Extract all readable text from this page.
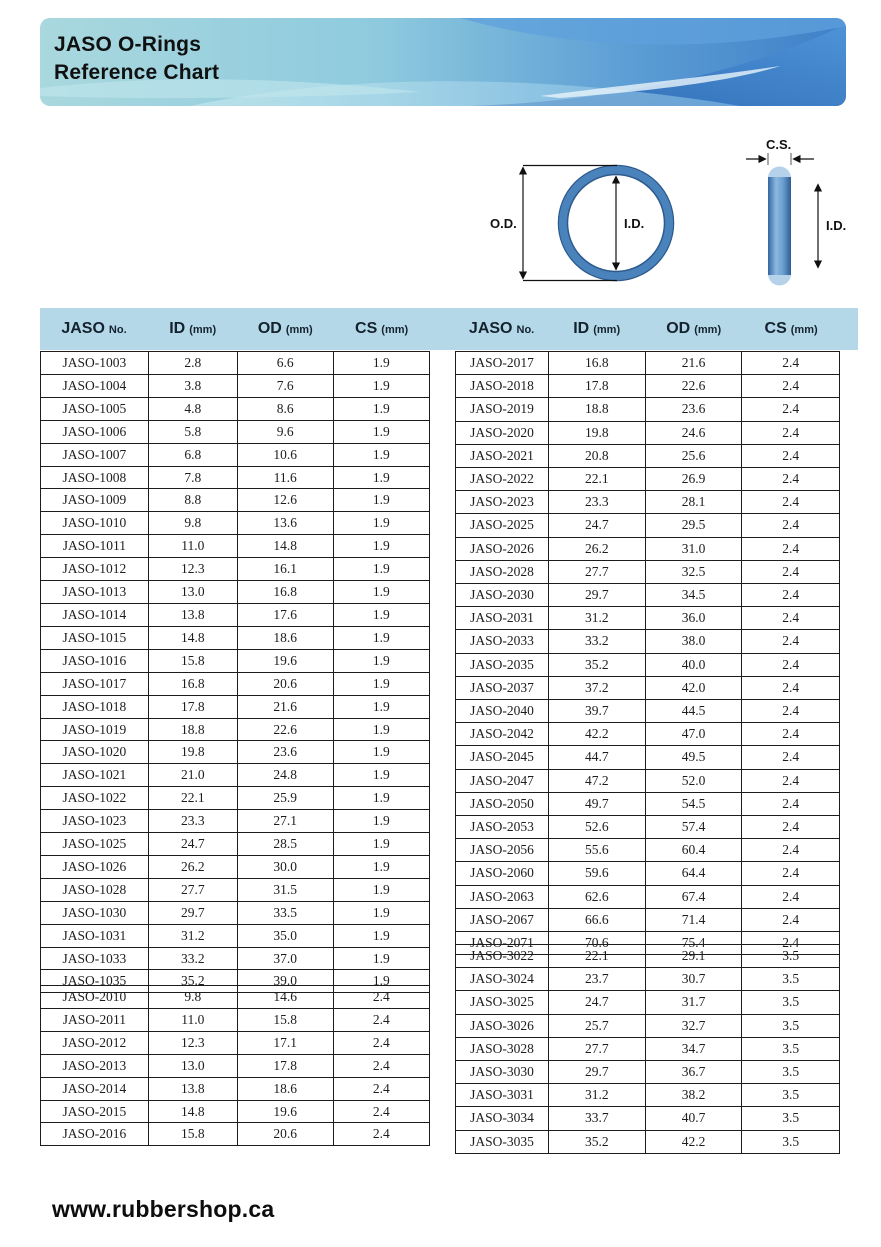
JASO O-Rings
Reference Chart
O.D.	I.D.
C.S.
I.D.
JASO No.	ID (mm)	OD (mm)	CS (mm)	JASO No. ID (mm)	OD (mm)	CS (mm)
JASO-1003	2.8	6.6	1.9
JASO-1004	3.8	7.6	1.9
JASO-1005	4.8	8.6	1.9
JASO-1006	5.8	9.6	1.9
JASO-1007	6.8	10.6	1.9
JASO-1008	7.8	11.6	1.9
JASO-1009	8.8	12.6	1.9
JASO-1010	9.8	13.6	1.9
JASO-1011	11.0	14.8	1.9
JASO-1012	12.3	16.1	1.9
JASO-1013	13.0	16.8	1.9
JASO-1014	13.8	17.6	1.9
JASO-1015	14.8	18.6	1.9
JASO-1016	15.8	19.6	1.9
JASO-1017	16.8	20.6	1.9
JASO-1018	17.8	21.6	1.9
JASO-1019	18.8	22.6	1.9
JASO-1020	19.8	23.6	1.9
JASO-1021	21.0	24.8	1.9
JASO-1022	22.1	25.9	1.9
JASO-1023	23.3	27.1	1.9
JASO-1025	24.7	28.5	1.9
JASO-1026	26.2	30.0	1.9
JASO-1028	27.7	31.5	1.9
JASO-1030	29.7	33.5	1.9
JASO-1031	31.2	35.0	1.9
JASO-1033	33.2	37.0	1.9
JASO-1035	35.2	39.0	1.9
JASO-2010	9.8	14.6	2.4
JASO-2011	11.0	15.8	2.4
JASO-2012	12.3	17.1	2.4
JASO-2013	13.0	17.8	2.4
JASO-2014	13.8	18.6	2.4
JASO-2015	14.8	19.6	2.4
JASO-2016	15.8	20.6	2.4
JASO-2017	16.8	21.6	2.4
JASO-2018	17.8	22.6	2.4
JASO-2019	18.8	23.6	2.4
JASO-2020	19.8	24.6	2.4
JASO-2021	20.8	25.6	2.4
JASO-2022	22.1	26.9	2.4
JASO-2023	23.3	28.1	2.4
JASO-2025	24.7	29.5	2.4
JASO-2026	26.2	31.0	2.4
JASO-2028	27.7	32.5	2.4
JASO-2030	29.7	34.5	2.4
JASO-2031	31.2	36.0	2.4
JASO-2033	33.2	38.0	2.4
JASO-2035	35.2	40.0	2.4
JASO-2037	37.2	42.0	2.4
JASO-2040	39.7	44.5	2.4
JASO-2042	42.2	47.0	2.4
JASO-2045	44.7	49.5	2.4
JASO-2047	47.2	52.0	2.4
JASO-2050	49.7	54.5	2.4
JASO-2053	52.6	57.4	2.4
JASO-2056	55.6	60.4	2.4
JASO-2060	59.6	64.4	2.4
JASO-2063	62.6	67.4	2.4
JASO-2067	66.6	71.4	2.4
JASO-2071	70.6	75.4	2.4
JASO-3022	22.1	29.1	3.5
JASO-3024	23.7	30.7	3.5
JASO-3025	24.7	31.7	3.5
JASO-3026	25.7	32.7	3.5
JASO-3028	27.7	34.7	3.5
JASO-3030	29.7	36.7	3.5
JASO-3031	31.2	38.2	3.5
JASO-3034	33.7	40.7	3.5
JASO-3035	35.2	42.2	3.5
www.rubbershop.ca
